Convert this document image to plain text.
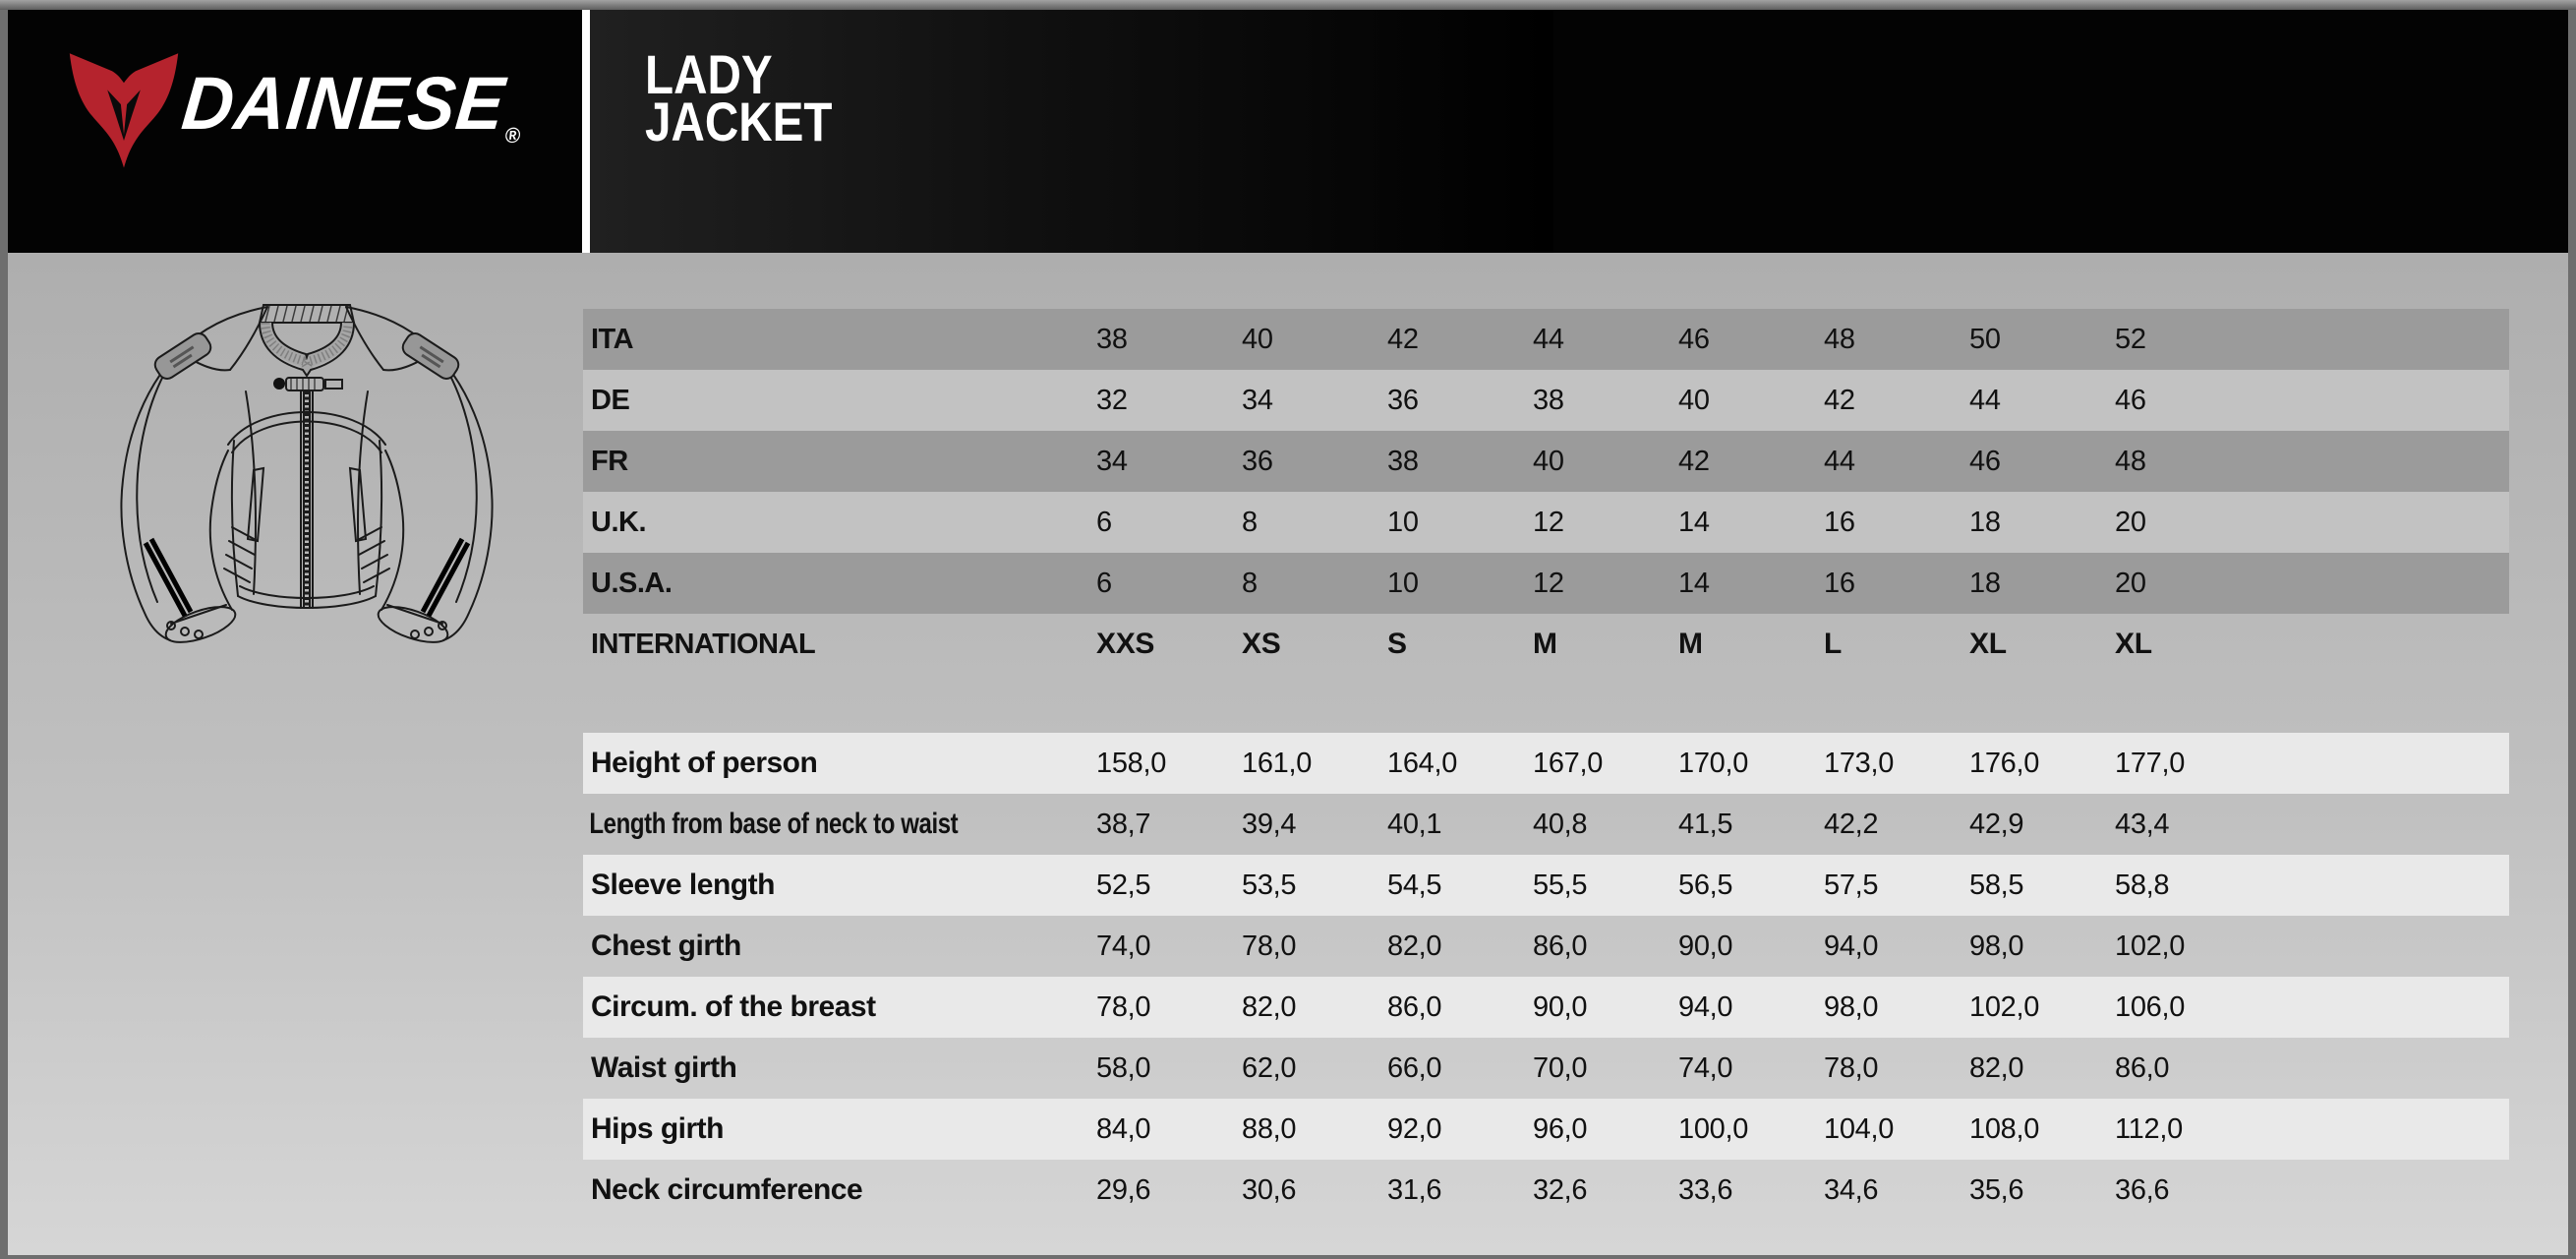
DAINESE®
LADY
JACKET
ITA	38	40	42	44	46	48	50	52
DE	32	34	36	38	40	42	44	46
FR	34	36	38	40	42	44	46	48
U.K.	6	8	10	12	14	16	18	20
U.S.A.	6	8	10	12	14	16	18	20
INTERNATIONAL	XXS	XS	S	M	M	L	XL	XL
Height of person	158,0	161,0	164,0	167,0	170,0	173,0	176,0	177,0
Length from base of neck to waist	38,7	39,4	40,1	40,8	41,5	42,2	42,9	43,4
Sleeve length	52,5	53,5	54,5	55,5	56,5	57,5	58,5	58,8
Chest girth	74,0	78,0	82,0	86,0	90,0	94,0	98,0	102,0
Circum. of the breast	78,0	82,0	86,0	90,0	94,0	98,0	102,0	106,0
Waist girth	58,0	62,0	66,0	70,0	74,0	78,0	82,0	86,0
Hips girth	84,0	88,0	92,0	96,0	100,0	104,0	108,0	112,0
Neck circumference	29,6	30,6	31,6	32,6	33,6	34,6	35,6	36,6
